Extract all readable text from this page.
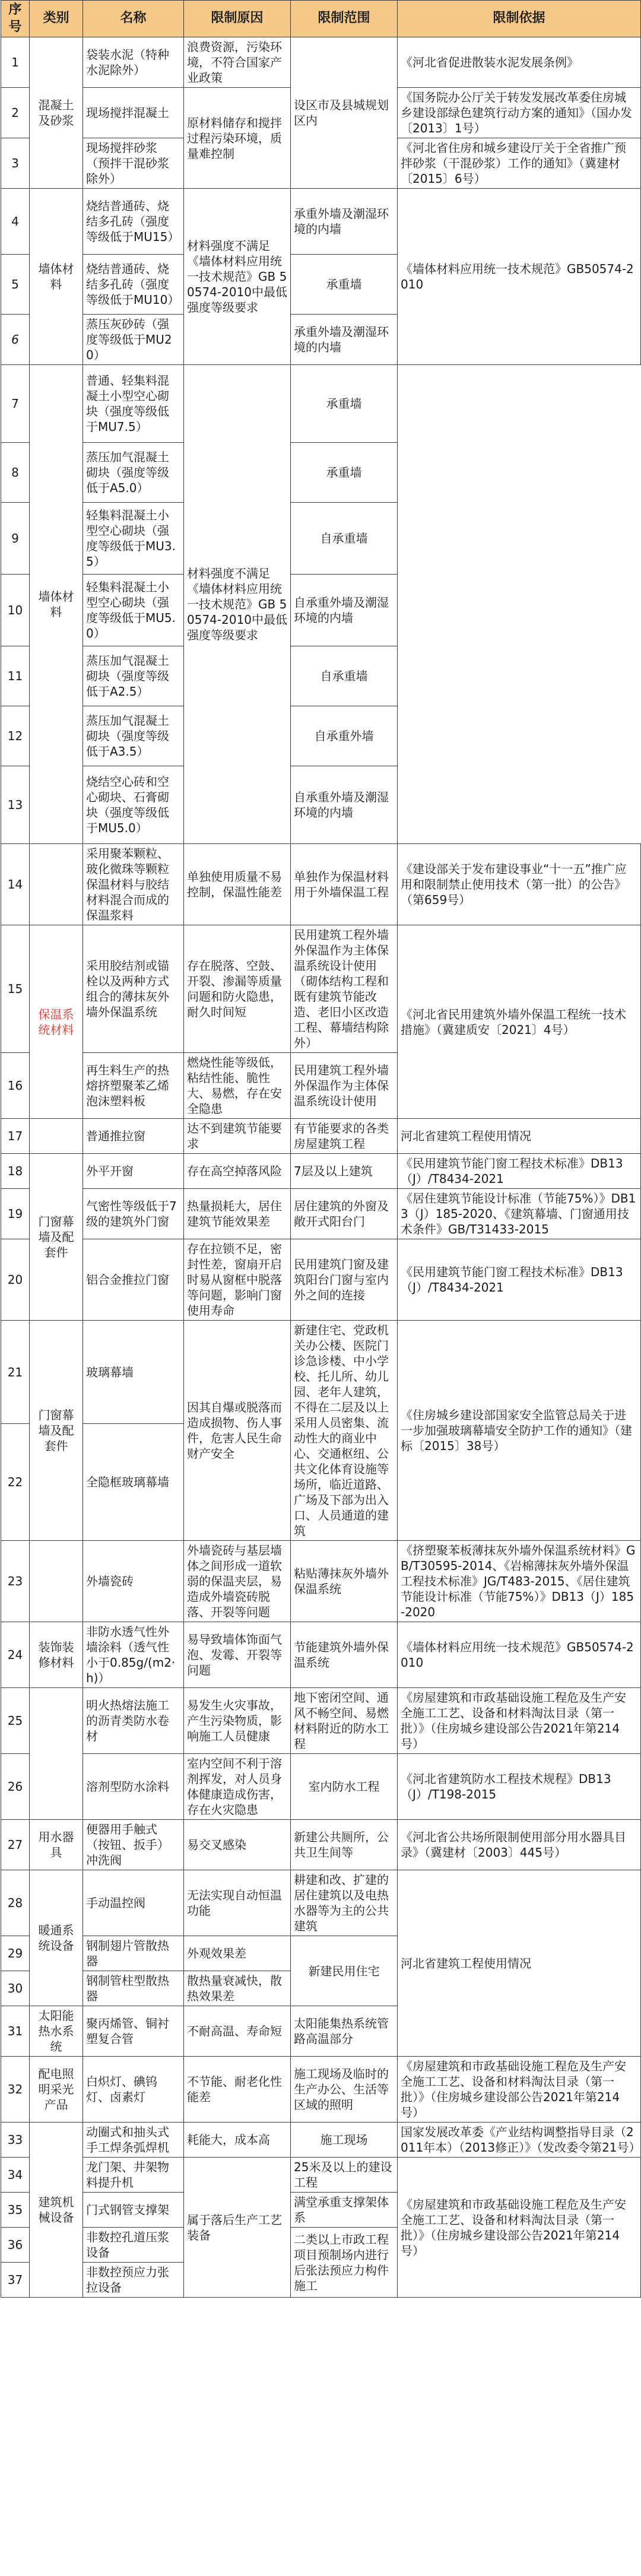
序号	类别	名称	限制原因	限制范围	限制依据
1	混凝土及砂浆	袋装水泥（特种水泥除外）	浪费资源，污染环境，不符合国家产业政策	设区市及县城规划区内	《河北省促进散装水泥发展条例》
2		现场搅拌混凝土	原材料储存和搅拌过程污染环境，质量难控制		《国务院办公厅关于转发发展改革委住房城乡建设部绿色建筑行动方案的通知》（国办发〔2013〕1号）
3		现场搅拌砂浆（预拌干混砂浆除外）			《河北省住房和城乡建设厅关于全省推广预拌砂浆（干混砂浆）工作的通知》（冀建材〔2015〕6号）
4	墙体材料	烧结普通砖、烧结多孔砖（强度等级低于MU15）	材料强度不满足《墙体材料应用统一技术规范》GB 50574-2010中最低强度等级要求	承重外墙及潮湿环境的内墙	《墙体材料应用统一技术规范》GB50574-2010
5		烧结普通砖、烧结多孔砖（强度等级低于MU10）		承重墙	
6		蒸压灰砂砖（强度等级低于MU20）		承重外墙及潮湿环境的内墙	
7	墙体材料	普通、轻集料混凝土小型空心砌块（强度等级低于MU7.5）	材料强度不满足《墙体材料应用统一技术规范》GB 50574-2010中最低强度等级要求	承重墙	
8		蒸压加气混凝土砌块（强度等级低于A5.0）		承重墙	
9		轻集料混凝土小型空心砌块（强度等级低于MU3.5）		自承重墙	
10		轻集料混凝土小型空心砌块（强度等级低于MU5.0）		自承重外墙及潮湿环境的内墙	
11		蒸压加气混凝土砌块（强度等级低于A2.5）		自承重墙	
12		蒸压加气混凝土砌块（强度等级低于A3.5）		自承重外墙	
13		烧结空心砖和空心砌块、石膏砌块（强度等级低于MU5.0）		自承重外墙及潮湿环境的内墙	
14		采用聚苯颗粒、玻化微珠等颗粒保温材料与胶结材料混合而成的保温浆料	单独使用质量不易控制，保温性能差	单独作为保温材料用于外墙保温工程	《建设部关于发布建设事业“十一五”推广应用和限制禁止使用技术（第一批）的公告》（第659号）
15	保温系统材料	采用胶结剂或锚栓以及两种方式组合的薄抹灰外墙外保温系统	存在脱落、空鼓、开裂、渗漏等质量问题和防火隐患，耐久时间短	民用建筑工程外墙外保温作为主体保温系统设计使用（砌体结构工程和既有建筑节能改造、老旧小区改造工程、幕墙结构除外）	《河北省民用建筑外墙外保温工程统一技术措施》（冀建质安〔2021〕4号）
16		再生料生产的热熔挤塑聚苯乙烯泡沫塑料板	燃烧性能等级低，粘结性能、脆性大、易燃，存在安全隐患	民用建筑工程外墙外保温作为主体保温系统设计使用	
17		普通推拉窗	达不到建筑节能要求	有节能要求的各类房屋建筑工程	河北省建筑工程使用情况
18	门窗幕墙及配套件	外平开窗	存在高空掉落风险	7层及以上建筑	《民用建筑节能门窗工程技术标准》DB13（J）/T8434-2021
19		气密性等级低于7级的建筑外门窗	热量损耗大，居住建筑节能效果差	居住建筑的外窗及敞开式阳台门	《居住建筑节能设计标准（节能75%）》DB13（J）185-2020、《建筑幕墙、门窗通用技术条件》GB/T31433-2015
20		铝合金推拉门窗	存在拉锁不足，密封性差，窗扇开启时易从窗框中脱落等问题，影响门窗使用寿命	民用建筑门窗及建筑阳台门窗与室内外之间的连接	《民用建筑节能门窗工程技术标准》DB13（J）/T8434-2021
21	门窗幕墙及配套件	玻璃幕墙	因其自爆或脱落而造成损物、伤人事件，危害人民生命财产安全	新建住宅、党政机关办公楼、医院门诊急诊楼、中小学校、托儿所、幼儿园、老年人建筑，不得在二层及以上采用人员密集、流动性大的商业中心、交通枢纽、公共文化体育设施等场所，临近道路、广场及下部为出入口、人员通道的建筑	《住房城乡建设部国家安全监管总局关于进一步加强玻璃幕墙安全防护工作的通知》（建标〔2015〕38号）
22		全隐框玻璃幕墙			
23		外墙瓷砖	外墙瓷砖与基层墙体之间形成一道软弱的保温夹层，易造成外墙瓷砖脱落、开裂等问题	粘贴薄抹灰外墙外保温系统	《挤塑聚苯板薄抹灰外墙外保温系统材料》GB/T30595-2014、《岩棉薄抹灰外墙外保温工程技术标准》JG/T483-2015、《居住建筑节能设计标准（节能75%）》DB13（J）185-2020
24	装饰装修材料	非防水透气性外墙涂料（透气性小于0.85g/(m2·h)）	易导致墙体饰面气泡、发霉、开裂等问题	节能建筑外墙外保温系统	《墙体材料应用统一技术规范》GB50574-2010
25		明火热熔法施工的沥青类防水卷材	易发生火灾事故，产生污染物质，影响施工人员健康	地下密闭空间、通风不畅空间、易燃材料附近的防水工程	《房屋建筑和市政基础设施工程危及生产安全施工工艺、设备和材料淘汰目录（第一批）》（住房城乡建设部公告2021年第214号）
26		溶剂型防水涂料	室内空间不利于溶剂挥发，对人员身体健康造成伤害，存在火灾隐患	室内防水工程	《河北省建筑防水工程技术规程》DB13（J）/T198-2015
27	用水器具	便器用手触式（按钮、扳手）冲洗阀	易交叉感染	新建公共厕所，公共卫生间等	《河北省公共场所限制使用部分用水器具目录》（冀建材〔2003〕445号）
28	暖通系统设备	手动温控阀	无法实现自动恒温功能	耕建和改、扩建的居住建筑以及电热水器等为主的公共建筑	河北省建筑工程使用情况
29		钢制翅片管散热器	外观效果差	新建民用住宅	
30		钢制管柱型散热器	散热量衰减快，散热效果差		
31	太阳能热水系统	聚丙烯管、铜衬塑复合管	不耐高温、寿命短	太阳能集热系统管路高温部分	
32	配电照明采光产品	白炽灯、碘钨灯、卤素灯	不节能、耐老化性能差	施工现场及临时的生产办公、生活等区域的照明	《房屋建筑和市政基础设施工程危及生产安全施工工艺、设备和材料淘汰目录（第一批）》（住房城乡建设部公告2021年第214号）
33	建筑机械设备	动圈式和抽头式手工焊条弧焊机	耗能大，成本高	施工现场	国家发展改革委《产业结构调整指导目录（2011年本）（2013修正）》（发改委令第21号）
34		龙门架、井架物料提升机	属于落后生产工艺装备	25米及以上的建设工程	《房屋建筑和市政基础设施工程危及生产安全施工工艺、设备和材料淘汰目录（第一批）》（住房城乡建设部公告2021年第214号）
35		门式钢管支撑架		满堂承重支撑架体系	
36		非数控孔道压浆设备		二类以上市政工程项目预制场内进行后张法预应力构件施工	
37		非数控预应力张拉设备			
